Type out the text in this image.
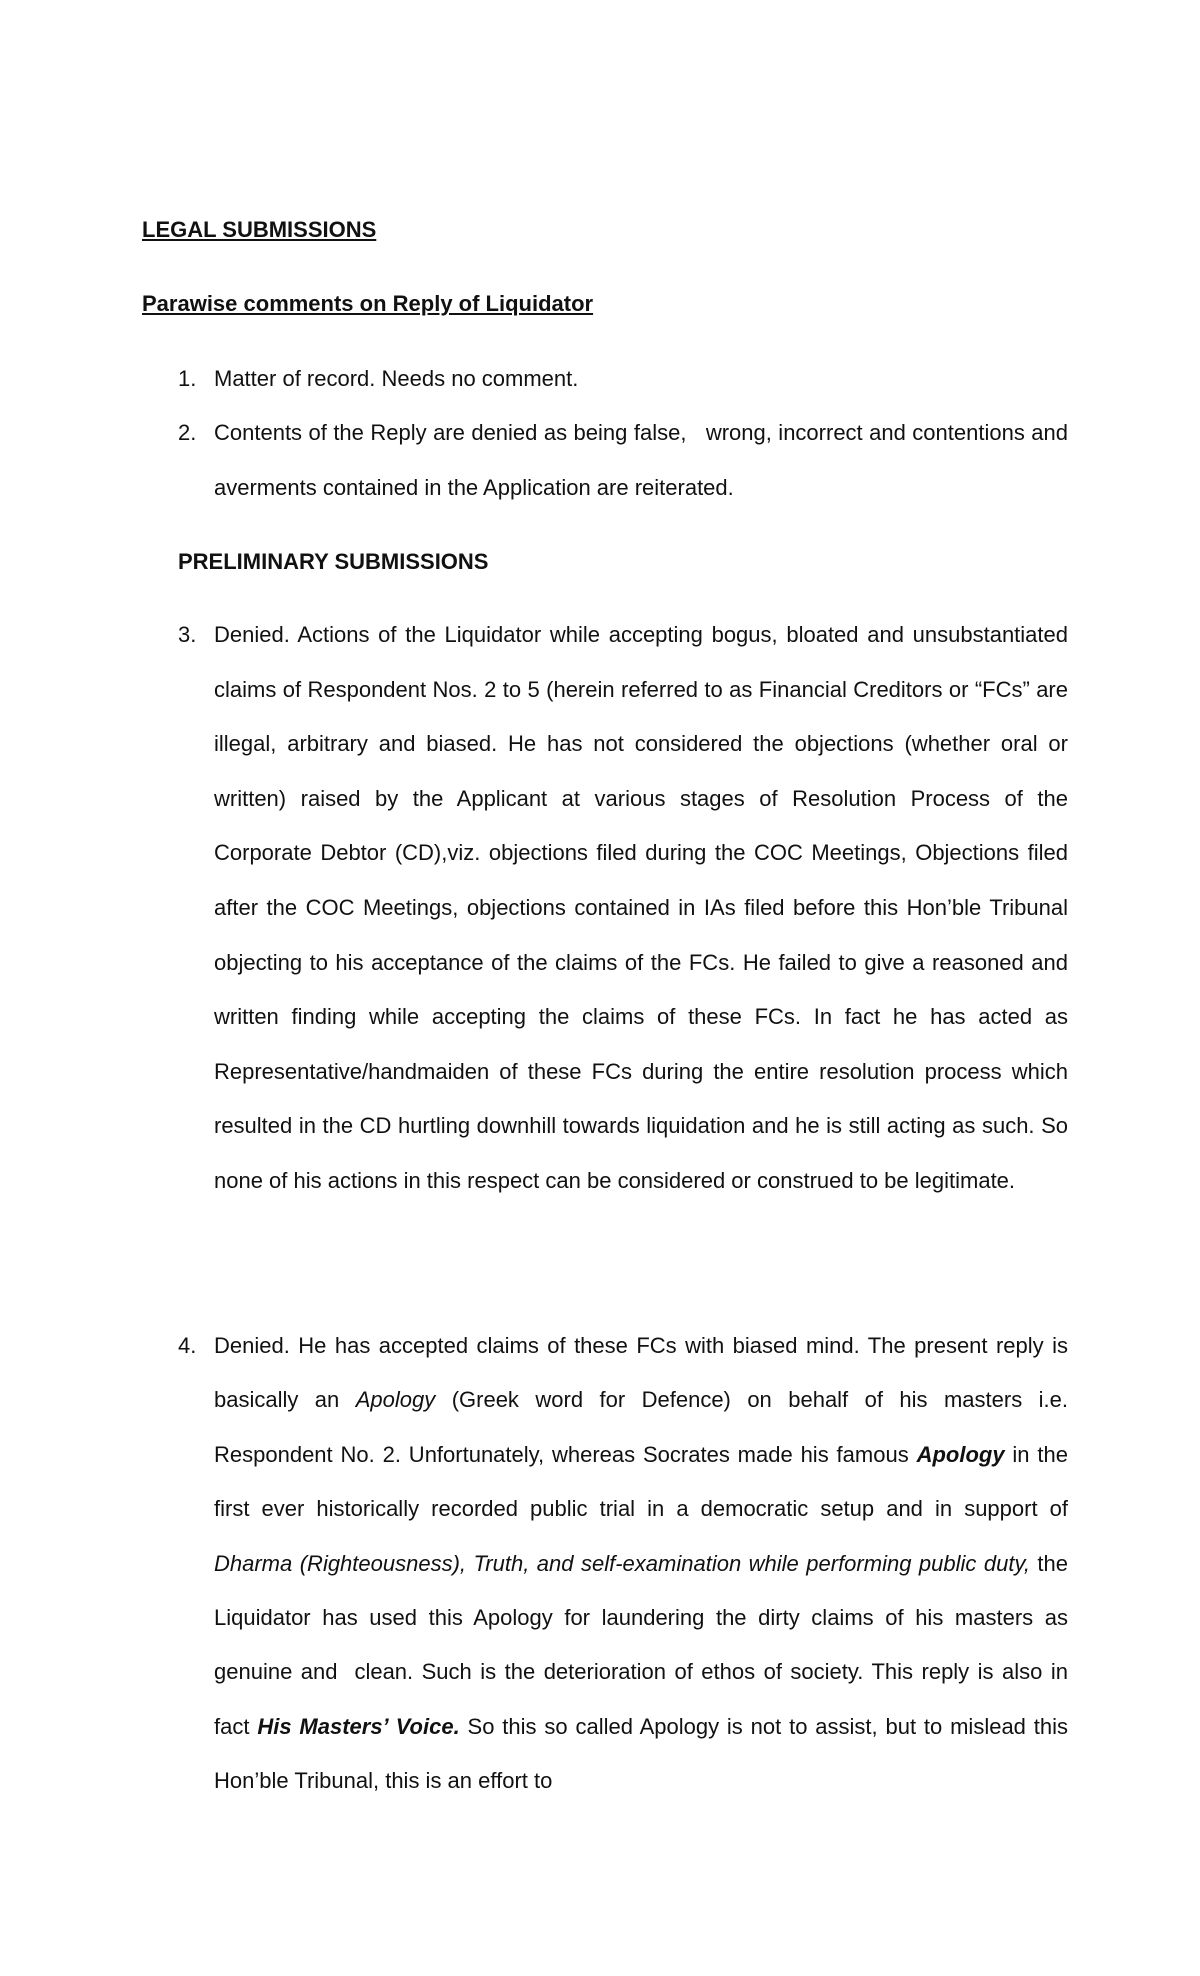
LEGAL SUBMISSIONS
Parawise comments on Reply of Liquidator
1. Matter of record. Needs no comment.
2. Contents of the Reply are denied as being false,   wrong, incorrect and contentions and averments contained in the Application are reiterated.
PRELIMINARY SUBMISSIONS
3. Denied. Actions of the Liquidator while accepting bogus, bloated and unsubstantiated claims of Respondent Nos. 2 to 5 (herein referred to as Financial Creditors or “FCs” are illegal, arbitrary and biased. He has not considered the objections (whether oral or   written) raised by the Applicant at various stages of Resolution Process of the Corporate Debtor (CD),viz. objections filed during the COC Meetings, Objections filed after the COC Meetings, objections contained in IAs filed before this Hon’ble Tribunal objecting to his acceptance of the claims of the FCs. He failed to give a reasoned and written finding while accepting the claims of these FCs. In fact he has acted as Representative/handmaiden of these FCs during the entire resolution process which resulted in the CD hurtling downhill towards liquidation and he is still acting as such. So none of his actions in this respect can be considered or construed to be legitimate.
4. Denied. He has accepted claims of these FCs with biased mind. The present reply is basically an Apology (Greek word for Defence) on behalf of his masters i.e. Respondent No. 2. Unfortunately, whereas Socrates made his famous Apology in the first ever historically recorded public trial in a democratic setup and in support of Dharma (Righteousness), Truth, and self-examination while performing public duty, the Liquidator has used this Apology for laundering the dirty claims of his masters as genuine and  clean. Such is the deterioration of ethos of society. This reply is also in fact His Masters’ Voice. So this so called Apology is not to assist, but to mislead this Hon’ble Tribunal, this is an effort to
